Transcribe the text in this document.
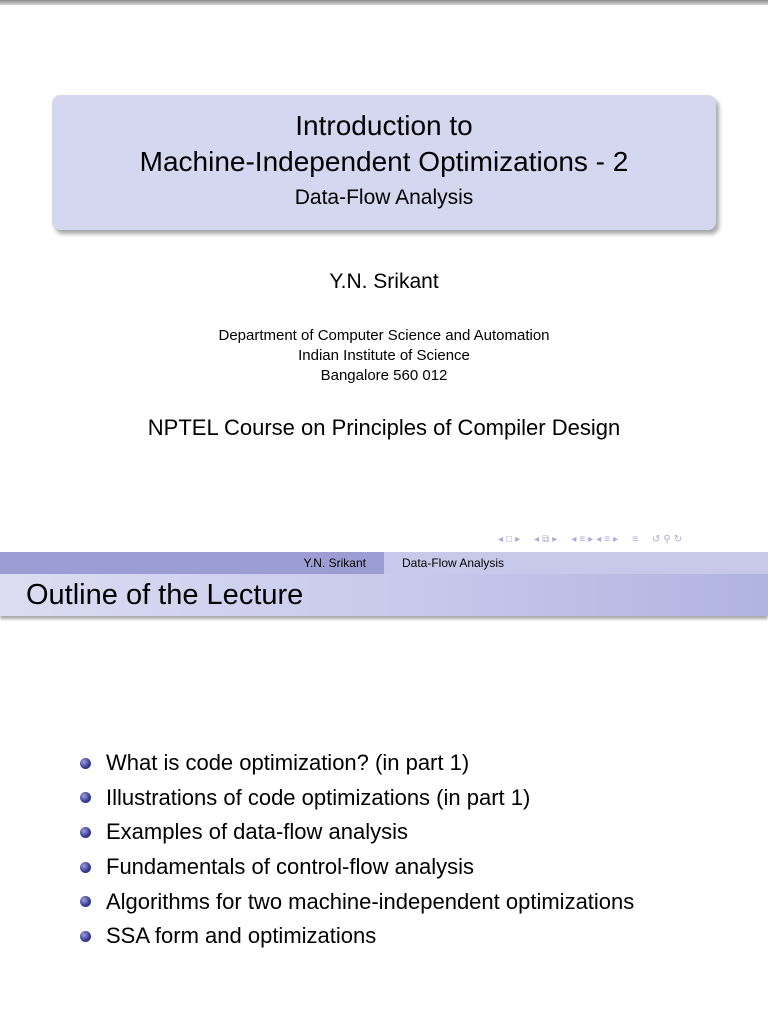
Introduction to
Machine-Independent Optimizations - 2
Data-Flow Analysis
Y.N. Srikant
Department of Computer Science and Automation
Indian Institute of Science
Bangalore 560 012
NPTEL Course on Principles of Compiler Design
◂ □ ▸ ◂ ⧉ ▸ ◂ ≡ ▸ ◂ ≡ ▸ ≡ ↺ ⚲ ↻
Y.N. Srikant	Data-Flow Analysis
Outline of the Lecture
What is code optimization? (in part 1)
Illustrations of code optimizations (in part 1)
Examples of data-flow analysis
Fundamentals of control-flow analysis
Algorithms for two machine-independent optimizations
SSA form and optimizations
